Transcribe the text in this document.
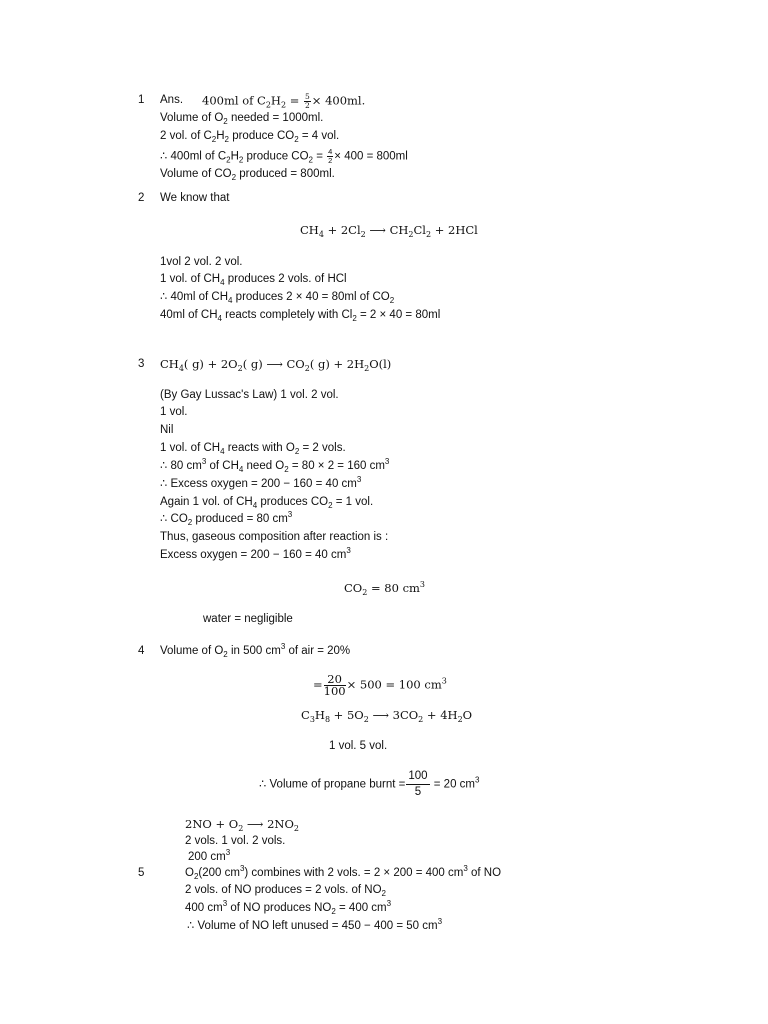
1 Ans. 400ml of $C_2H_2 = \frac{5}{2} \times 400ml$.
Volume of $O_2$ needed = 1000ml.
2 vol. of $C_2H_2$ produce $CO_2 = 4$ vol.
∴ 400ml of $C_2H_2$ produce $CO_2 = \frac{4}{2} \times 400 = 800ml$
Volume of $CO_2$ produced = 800ml.
2 We know that
$CH_4 + 2Cl_2$ ⟶ $CH_2Cl_2 + 2HCl$
1vol 2 vol. 2 vol.
1 vol. of $CH_4$ produces 2 vols. of HCl
∴ 40ml of $CH_4$ produces 2 × 40 = 80ml of $CO_2$
40ml of $CH_4$ reacts completely with $Cl_2 = 2 \times 40 = 80ml$
3 $CH_4$( $g) + 2O_2$( g) ⟶ $CO_2$( $g) + 2H_2O(l)$
(By Gay Lussac's Law) 1 vol. 2 vol.
1 vol.
Nil
1 vol. of $CH_4$ reacts with $O_2 = 2$ vols.
∴ 80 $cm^3$ of $CH_4$ need $O_2 = 80 \times 2 = 160$ $cm^3$
∴ Excess oxygen = 200 − 160 = 40 $cm^3$
Again 1 vol. of $CH_4$ produces $CO_2 = 1$ vol.
∴ $CO_2$ produced = 80 $cm^3$
Thus, gaseous composition after reaction is :
Excess oxygen = 200 − 160 = 40 $cm^3$
$CO_2 = 80$ $cm^3$
water = negligible
4 Volume of $O_2$ in 500 $cm^3$ of air = 20%
= $\frac{20}{100} \times 500 = 100$ $cm^3$
$C_3H_8 + 5O_2$ ⟶ $3CO_2 + 4H_2O$
1 vol. 5 vol.
∴ Volume of propane burnt = $\frac{100}{5} = 20$ $cm^3$
$2NO + O_2$ ⟶ $2NO_2$
2 vols. 1 vol. 2 vols.
200 $cm^3$
5	$O_2(200$ $cm^3$) combines with 2 vols. = 2 × 200 = 400 $cm^3$ of NO
2 vols. of NO produces = 2 vols. of $NO_2$
400 $cm^3$ of NO produces $NO_2 = 400$ $cm^3$
∴ Volume of NO left unused = 450 − 400 = 50 $cm^3$
